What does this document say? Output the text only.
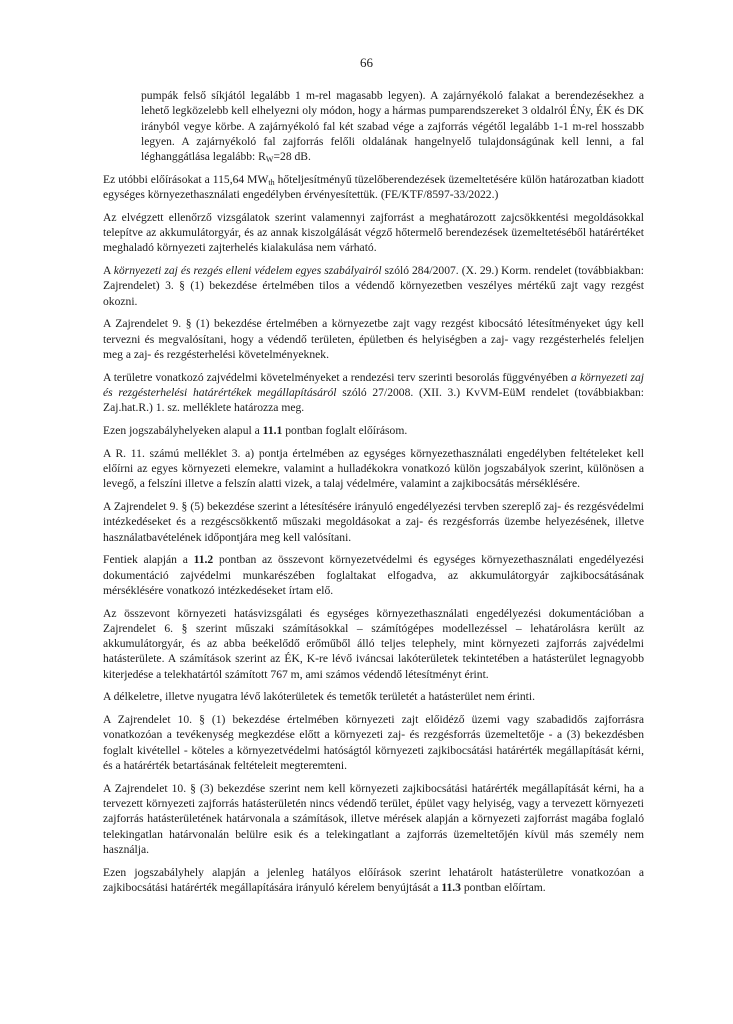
66

pumpák felső síkjától legalább 1 m-rel magasabb legyen). A zajárnyékoló falakat a berendezésekhez a lehető legközelebb kell elhelyezni oly módon, hogy a hármas pumparendszereket 3 oldalról ÉNy, ÉK és DK irányból vegye körbe. A zajárnyékoló fal két szabad vége a zajforrás végétől legalább 1-1 m-rel hosszabb legyen. A zajárnyékoló fal zajforrás felőli oldalának hangelnyelő tulajdonságúnak kell lenni, a fal léghanggátlása legalább: $R_W=28$ dB.

Ez utóbbi előírásokat a 115,64 $MW_{th}$ hőteljesítményű tüzelőberendezések üzemeltetésére külön határozatban kiadott egységes környezethasználati engedélyben érvényesítettük. (FE/KTF/8597-33/2022.)

Az elvégzett ellenőrző vizsgálatok szerint valamennyi zajforrást a meghatározott zajcsökkentési megoldásokkal telepítve az akkumulátorgyár, és az annak kiszolgálását végző hőtermelő berendezések üzemeltetéséből határértéket meghaladó környezeti zajterhelés kialakulása nem várható.

A környezeti zaj és rezgés elleni védelem egyes szabályairól szóló 284/2007. (X. 29.) Korm. rendelet (továbbiakban: Zajrendelet) 3. § (1) bekezdése értelmében tilos a védendő környezetben veszélyes mértékű zajt vagy rezgést okozni.

A Zajrendelet 9. § (1) bekezdése értelmében a környezetbe zajt vagy rezgést kibocsátó létesítményeket úgy kell tervezni és megvalósítani, hogy a védendő területen, épületben és helyiségben a zaj- vagy rezgésterhelés feleljen meg a zaj- és rezgésterhelési követelményeknek.

A területre vonatkozó zajvédelmi követelményeket a rendezési terv szerinti besorolás függvényében a környezeti zaj és rezgésterhelési határértékek megállapításáról szóló 27/2008. (XII. 3.) KvVM-EüM rendelet (továbbiakban: Zaj.hat.R.) 1. sz. melléklete határozza meg.

Ezen jogszabályhelyeken alapul a 11.1 pontban foglalt előírásom.

A R. 11. számú melléklet 3. a) pontja értelmében az egységes környezethasználati engedélyben feltételeket kell előírni az egyes környezeti elemekre, valamint a hulladékokra vonatkozó külön jogszabályok szerint, különösen a levegő, a felszíni illetve a felszín alatti vizek, a talaj védelmére, valamint a zajkibocsátás mérséklésére.

A Zajrendelet 9. § (5) bekezdése szerint a létesítésére irányuló engedélyezési tervben szereplő zaj- és rezgésvédelmi intézkedéseket és a rezgéscsökkentő műszaki megoldásokat a zaj- és rezgésforrás üzembe helyezésének, illetve használatbavételének időpontjára meg kell valósítani.

Fentiek alapján a 11.2 pontban az összevont környezetvédelmi és egységes környezethasználati engedélyezési dokumentáció zajvédelmi munkarészében foglaltakat elfogadva, az akkumulátorgyár zajkibocsátásának mérséklésére vonatkozó intézkedéseket írtam elő.

Az összevont környezeti hatásvizsgálati és egységes környezethasználati engedélyezési dokumentációban a Zajrendelet 6. § szerint műszaki számításokkal – számítógépes modellezéssel – lehatárolásra került az akkumulátorgyár, és az abba beékelődő erőműből álló teljes telephely, mint környezeti zajforrás zajvédelmi hatásterülete. A számítások szerint az ÉK, K-re lévő iváncsai lakóterületek tekintetében a hatásterület legnagyobb kiterjedése a telekhatártól számított 767 m, ami számos védendő létesítményt érint.

A délkeletre, illetve nyugatra lévő lakóterületek és temetők területét a hatásterület nem érinti.

A Zajrendelet 10. § (1) bekezdése értelmében környezeti zajt előidéző üzemi vagy szabadidős zajforrásra vonatkozóan a tevékenység megkezdése előtt a környezeti zaj- és rezgésforrás üzemeltetője - a (3) bekezdésben foglalt kivétellel - köteles a környezetvédelmi hatóságtól környezeti zajkibocsátási határérték megállapítását kérni, és a határérték betartásának feltételeit megteremteni.

A Zajrendelet 10. § (3) bekezdése szerint nem kell környezeti zajkibocsátási határérték megállapítását kérni, ha a tervezett környezeti zajforrás hatásterületén nincs védendő terület, épület vagy helyiség, vagy a tervezett környezeti zajforrás hatásterületének határvonala a számítások, illetve mérések alapján a környezeti zajforrást magába foglaló telekingatlan határvonalán belülre esik és a telekingatlant a zajforrás üzemeltetőjén kívül más személy nem használja.

Ezen jogszabályhely alapján a jelenleg hatályos előírások szerint lehatárolt hatásterületre vonatkozóan a zajkibocsátási határérték megállapítására irányuló kérelem benyújtását a 11.3 pontban előírtam.
